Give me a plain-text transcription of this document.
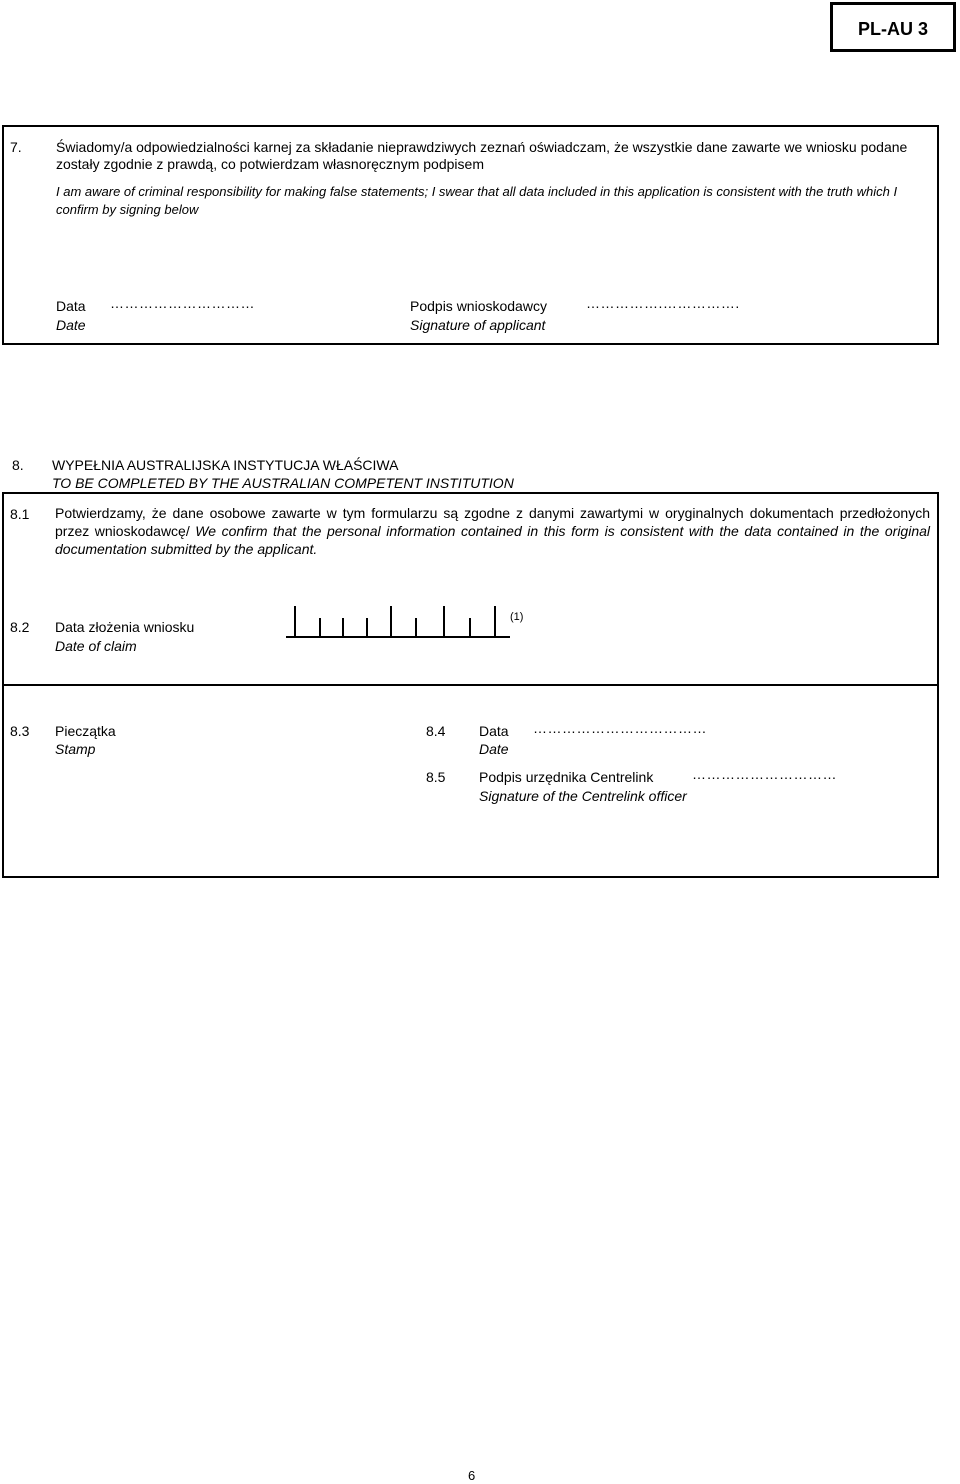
PL-AU 3
7. Świadomy/a odpowiedzialności karnej za składanie nieprawdziwych zeznań oświadczam, że wszystkie dane zawarte we wniosku podane zostały zgodnie z prawdą, co potwierdzam własnoręcznym podpisem
I am aware of criminal responsibility for making false statements; I swear that all data included in this application is consistent with the truth which I confirm by signing below
Data
Date
…………………………	Podpis wnioskodawcy
Signature of applicant
…………….…………….
8. WYPEŁNIA AUSTRALIJSKA INSTYTUCJA WŁAŚCIWA
TO BE COMPLETED BY THE AUSTRALIAN COMPETENT INSTITUTION
8.1 Potwierdzamy, że dane osobowe zawarte w tym formularzu są zgodne z danymi zawartymi w oryginalnych dokumentach przedłożonych przez wnioskodawcę/ We confirm that the personal information contained in this form is consistent with the data contained in the original documentation submitted by the applicant.
8.2 Data złożenia wniosku
Date of claim
(1)
8.3 Pieczątka
Stamp
8.4 Data
Date
………………………………
8.5 Podpis urzędnika Centrelink
Signature of the Centrelink officer
…………………………
6
